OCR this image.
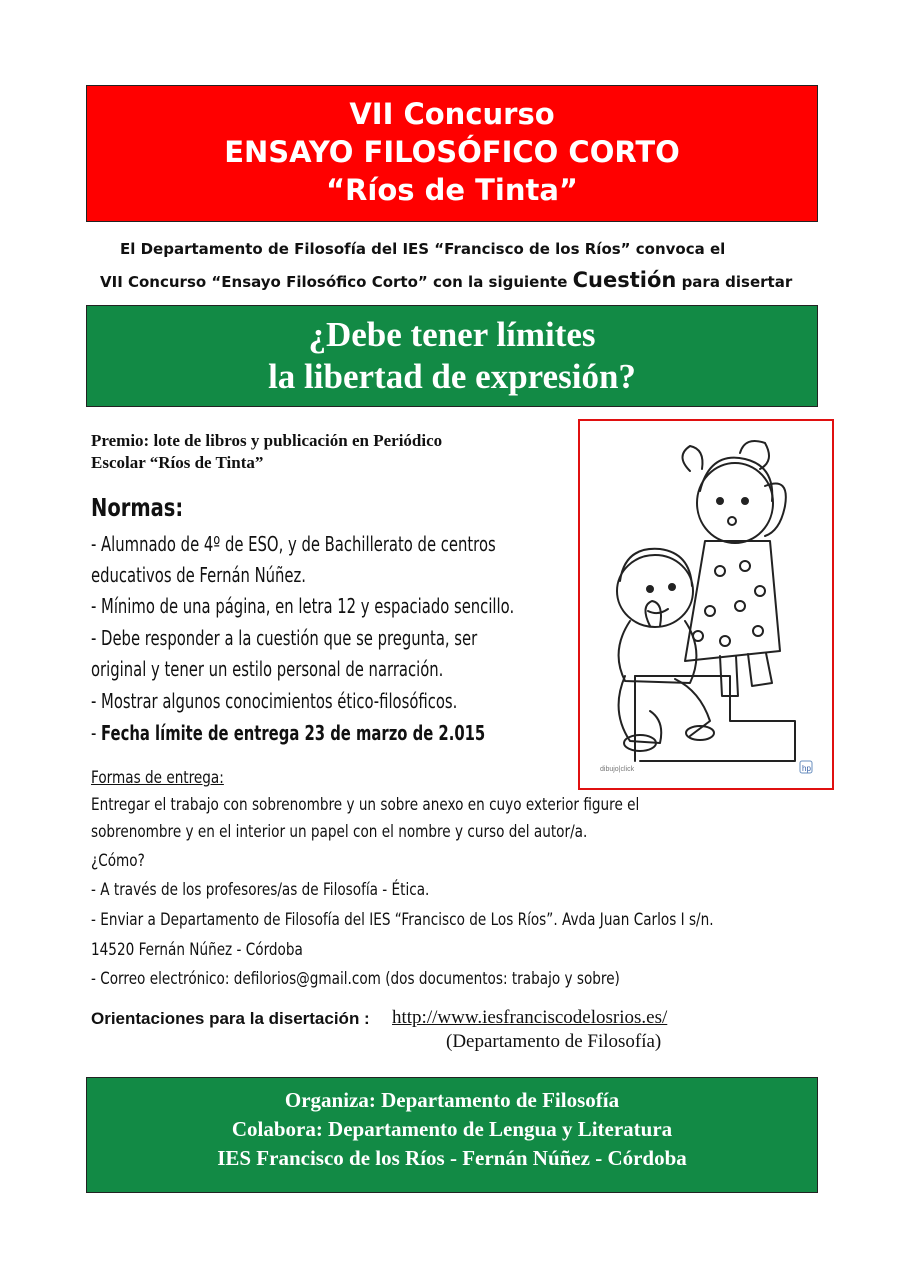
VII Concurso
ENSAYO FILOSÓFICO CORTO
“Ríos de Tinta”
El Departamento de Filosofía del IES “Francisco de los Ríos” convoca el
VII Concurso “Ensayo Filosófico Corto” con la siguiente Cuestión para disertar
¿Debe tener límites
la libertad de expresión?
Premio: lote de libros y publicación en Periódico
Escolar “Ríos de Tinta”
Normas:
- Alumnado de 4º de ESO, y de Bachillerato de centros
educativos de Fernán Núñez.
- Mínimo de una página, en letra 12 y espaciado sencillo.
- Debe responder a la cuestión que se pregunta, ser
original y tener un estilo personal de narración.
- Mostrar algunos conocimientos ético-filosóficos.
- Fecha límite de entrega 23 de marzo de 2.015
dibujo|click	hp
Formas de entrega:
Entregar el trabajo con sobrenombre y un sobre anexo en cuyo exterior figure el
sobrenombre y en el interior un papel con el nombre y curso del autor/a.
¿Cómo?
- A través de los profesores/as de Filosofía - Ética.
- Enviar a Departamento de Filosofía del IES “Francisco de Los Ríos”. Avda Juan Carlos I s/n.
14520 Fernán Núñez - Córdoba
- Correo electrónico: defilorios@gmail.com (dos documentos: trabajo y sobre)
Orientaciones para la disertación : http://www.iesfranciscodelosrios.es/
(Departamento de Filosofía)
Organiza: Departamento de Filosofía
Colabora: Departamento de Lengua y Literatura
IES Francisco de los Ríos - Fernán Núñez - Córdoba
